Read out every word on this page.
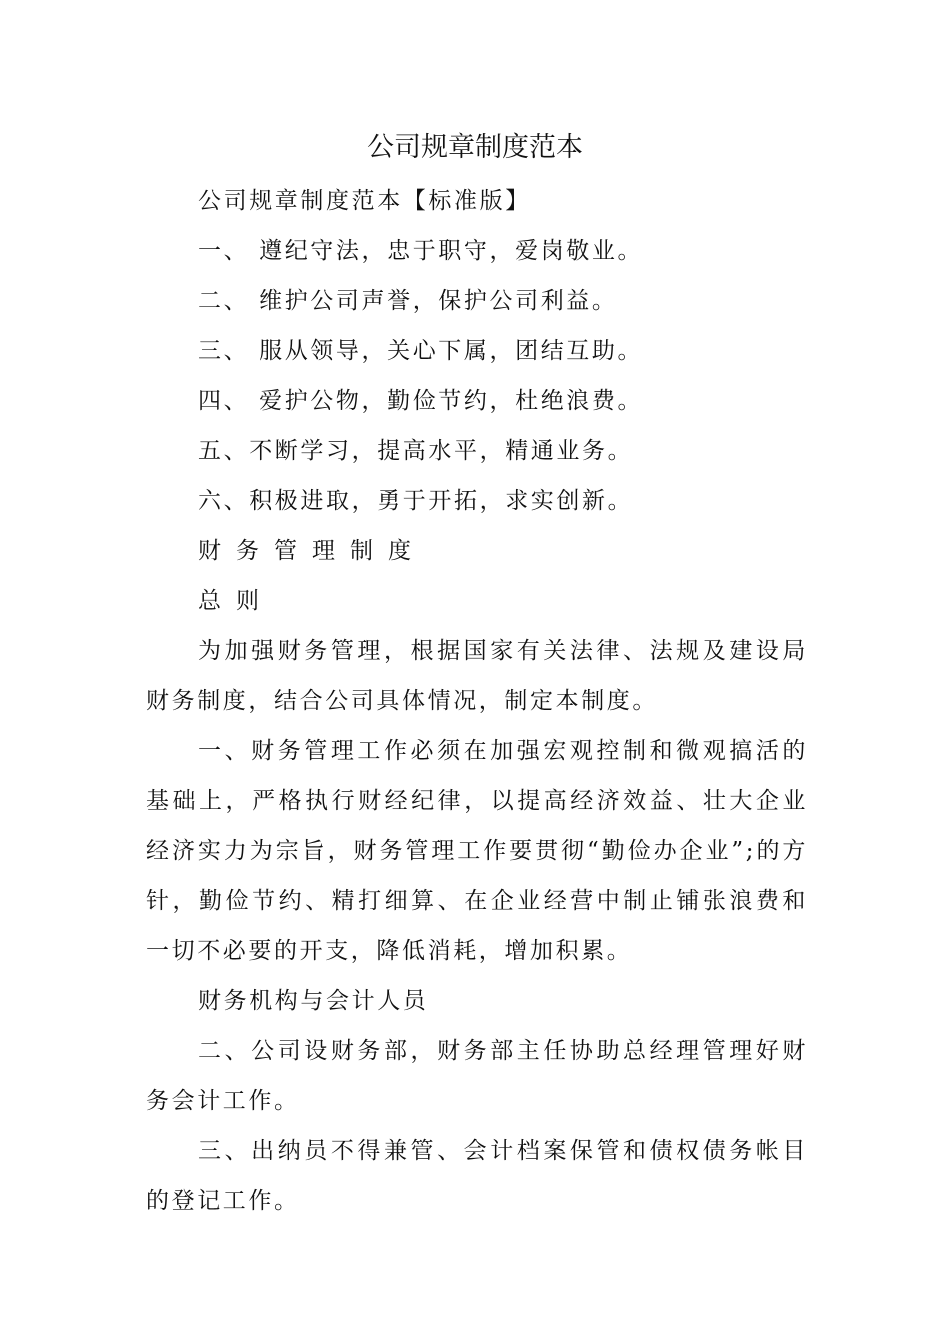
公司规章制度范本

公司规章制度范本【标准版】

一、 遵纪守法，忠于职守，爱岗敬业。

二、 维护公司声誉，保护公司利益。

三、 服从领导，关心下属，团结互助。

四、 爱护公物，勤俭节约，杜绝浪费。

五、不断学习，提高水平，精通业务。

六、积极进取，勇于开拓，求实创新。

财务管理制度

总则

为加强财务管理，根据国家有关法律、法规及建设局财务制度，结合公司具体情况，制定本制度。

一、财务管理工作必须在加强宏观控制和微观搞活的基础上，严格执行财经纪律，以提高经济效益、壮大企业经济实力为宗旨，财务管理工作要贯彻“勤俭办企业”;的方针，勤俭节约、精打细算、在企业经营中制止铺张浪费和一切不必要的开支，降低消耗，增加积累。

财务机构与会计人员

二、公司设财务部，财务部主任协助总经理管理好财务会计工作。

三、出纳员不得兼管、会计档案保管和债权债务帐目的登记工作。
